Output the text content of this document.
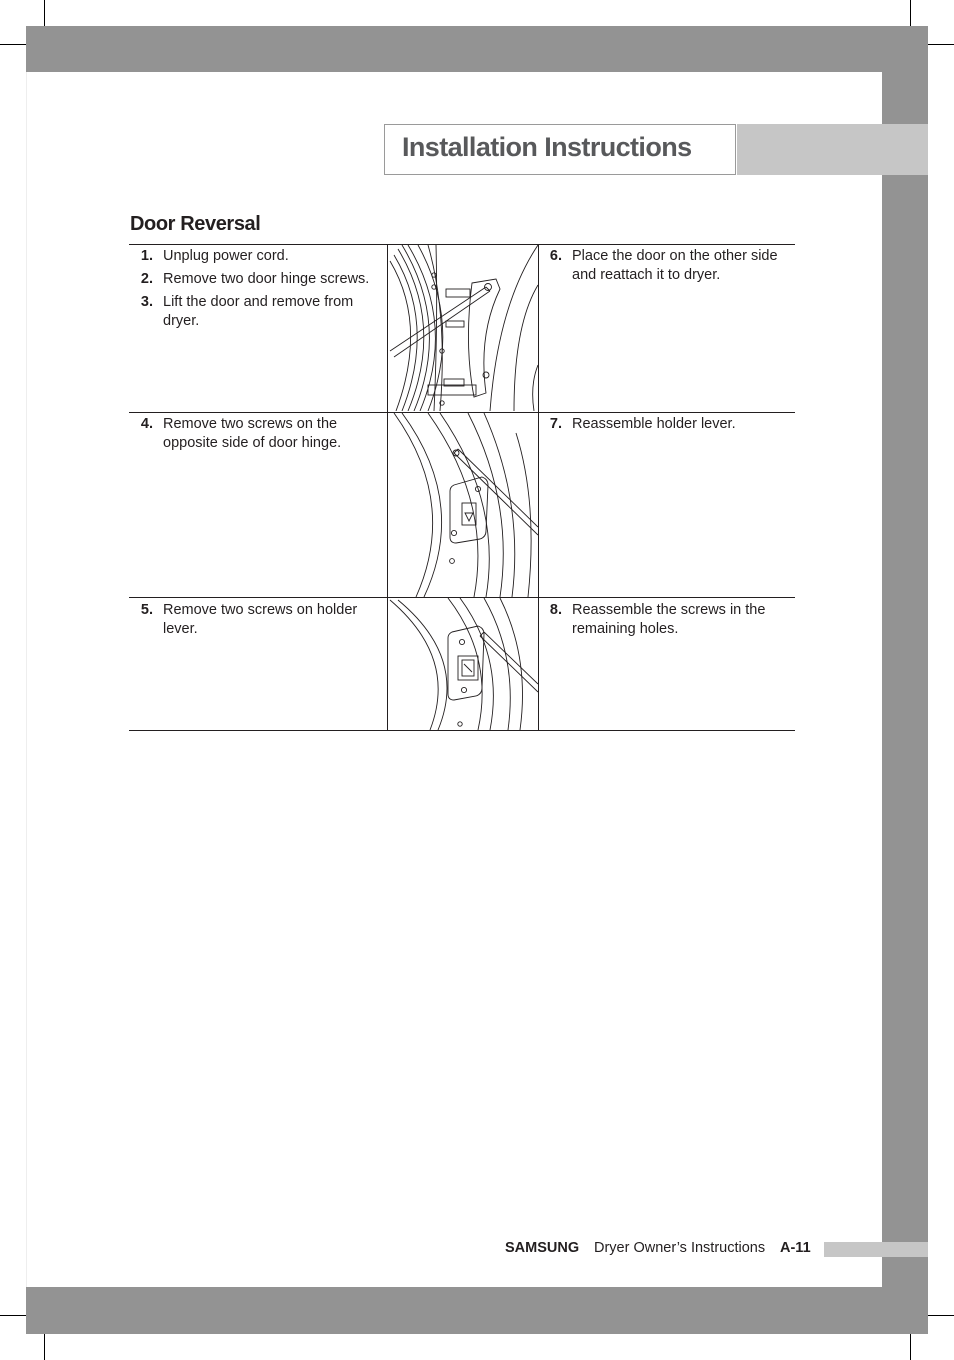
Installation Instructions
Door Reversal
1. Unplug power cord.
2. Remove two door hinge screws.
3. Lift the door and remove from dryer.
4. Remove two screws on the opposite side of door hinge.
5. Remove two screws on holder lever.
6. Place the door on the other side and reattach it to dryer.
7. Reassemble holder lever.
8. Reassemble the screws in the remaining holes.
SAMSUNG Dryer Owner’s Instructions A-11
